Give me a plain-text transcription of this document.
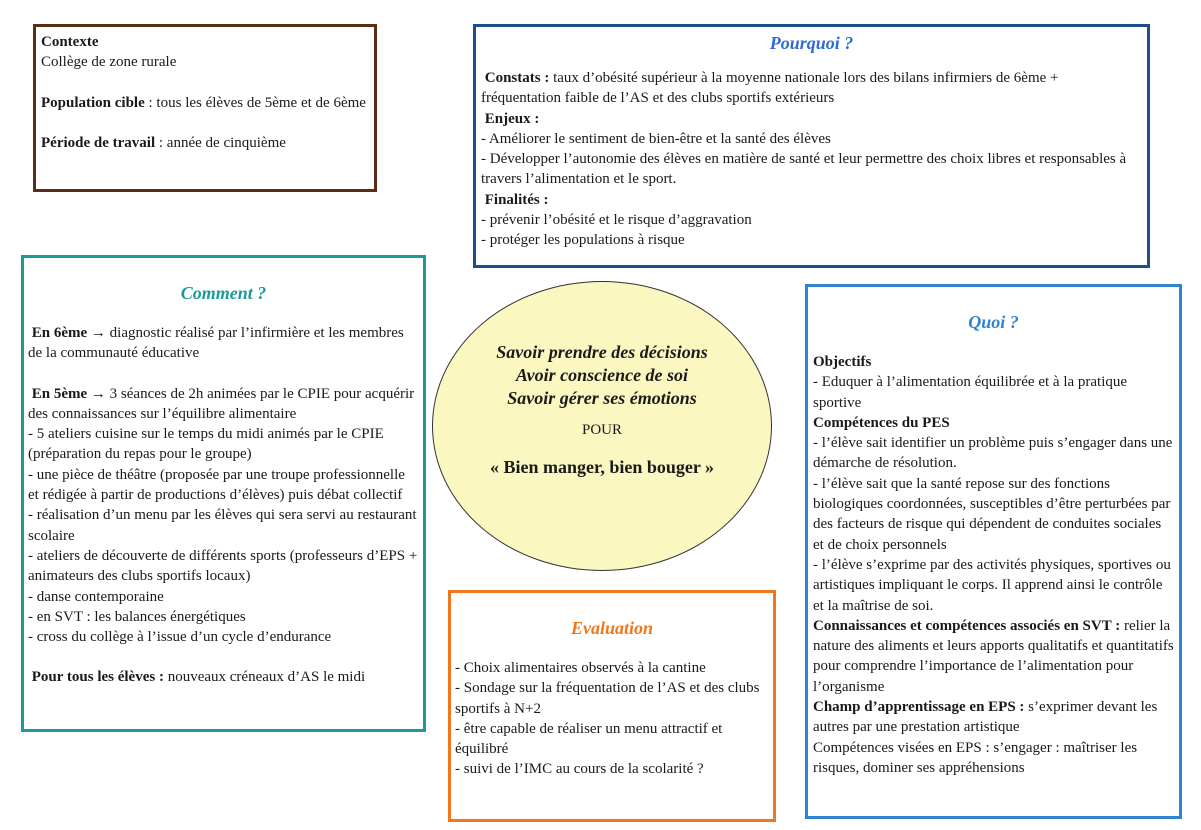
Contexte

Collège de zone rurale

Population cible : tous les élèves de 5ème et de 6ème

Période de travail : année de cinquième

Pourquoi ?

Constats : taux d’obésité supérieur à la moyenne nationale lors des bilans infirmiers de 6ème + fréquentation faible de l’AS et des clubs sportifs extérieurs

Enjeux :

- Améliorer le sentiment de bien-être et la santé des élèves

- Développer l’autonomie des élèves en matière de santé et leur permettre des choix libres et responsables à travers l’alimentation et le sport.

Finalités :

- prévenir l’obésité et le risque d’aggravation

- protéger les populations à risque

Comment ?

En 6ème → diagnostic réalisé par l’infirmière et les membres de la communauté éducative

En 5ème → 3 séances de 2h animées par le CPIE pour acquérir des connaissances sur l’équilibre alimentaire

- 5 ateliers cuisine sur le temps du midi animés par le CPIE (préparation du repas pour le groupe)

- une pièce de théâtre (proposée par une troupe professionnelle et rédigée à partir de productions d’élèves) puis débat collectif

- réalisation d’un menu par les élèves qui sera servi au restaurant scolaire

- ateliers de découverte de différents sports (professeurs d’EPS + animateurs des clubs sportifs locaux)

- danse contemporaine

- en SVT : les balances énergétiques

- cross du collège à l’issue d’un cycle d’endurance

Pour tous les élèves : nouveaux créneaux d’AS le midi

Savoir prendre des décisions
Avoir conscience de soi
Savoir gérer ses émotions
POUR
« Bien manger, bien bouger »

Quoi ?

Objectifs

- Eduquer à l’alimentation équilibrée et à la pratique sportive

Compétences du PES

- l’élève sait identifier un problème puis s’engager dans une démarche de résolution.

- l’élève sait que la santé repose sur des fonctions biologiques coordonnées, susceptibles d’être perturbées par des facteurs de risque qui dépendent de conduites sociales et de choix personnels

- l’élève s’exprime par des activités physiques, sportives ou artistiques impliquant le corps. Il apprend ainsi le contrôle et la maîtrise de soi.

Connaissances et compétences associés en SVT : relier la nature des aliments et leurs apports qualitatifs et quantitatifs pour comprendre l’importance de l’alimentation pour l’organisme

Champ d’apprentissage en EPS : s’exprimer devant les autres par une prestation artistique

Compétences visées en EPS : s’engager : maîtriser les risques, dominer ses appréhensions

Evaluation

- Choix alimentaires observés à la cantine

- Sondage sur la fréquentation de l’AS et des clubs sportifs à N+2

- être capable de réaliser un menu attractif et équilibré

- suivi de l’IMC au cours de la scolarité ?
